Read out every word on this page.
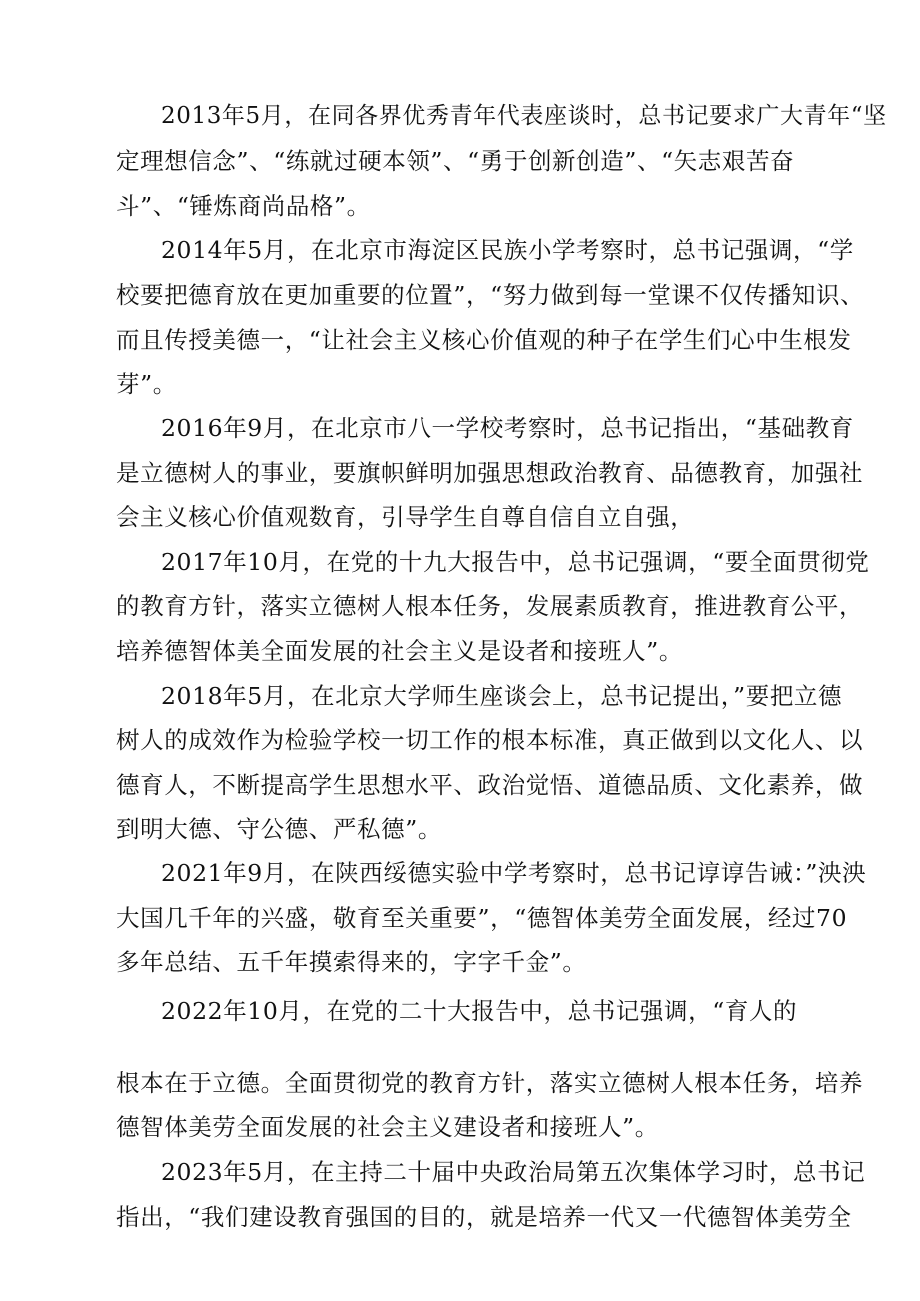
2013年5月，在同各界优秀青年代表座谈时，总书记要求广大青年“坚
定理想信念”、“练就过硬本领”、“勇于创新创造”、“矢志艰苦奋
斗”、“锤炼商尚品格”。
2014年5月，在北京市海淀区民族小学考察时，总书记强调，“学
校要把德育放在更加重要的位置”，“努力做到每一堂课不仅传播知识、
而且传授美德一，“让社会主义核心价值观的种子在学生们心中生根发
芽”。
2016年9月，在北京市八一学校考察时，总书记指出，“基础教育
是立德树人的事业，要旗帜鲜明加强思想政治教育、品德教育，加强社
会主义核心价值观数育，引导学生自尊自信自立自强，
2017年10月，在党的十九大报告中，总书记强调，“要全面贯彻党
的教育方针，落实立德树人根本任务，发展素质教育，推进教育公平，
培养德智体美全面发展的社会主义是设者和接班人”。
2018年5月，在北京大学师生座谈会上，总书记提出，”要把立德
树人的成效作为检验学校一切工作的根本标准，真正做到以文化人、以
德育人，不断提高学生思想水平、政治觉悟、道德品质、文化素养，做
到明大德、守公德、严私德”。
2021年9月，在陕西绥德实验中学考察时，总书记谆谆告诫：”泱泱
大国几千年的兴盛，敬育至关重要”，“德智体美劳全面发展，经过70
多年总结、五千年摸索得来的，字字千金”。
2022年10月，在党的二十大报告中，总书记强调，“育人的
根本在于立德。全面贯彻党的教育方针，落实立德树人根本任务，培养
德智体美劳全面发展的社会主义建设者和接班人”。
2023年5月，在主持二十届中央政治局第五次集体学习时，总书记
指出，“我们建设教育强国的目的，就是培养一代又一代德智体美劳全
